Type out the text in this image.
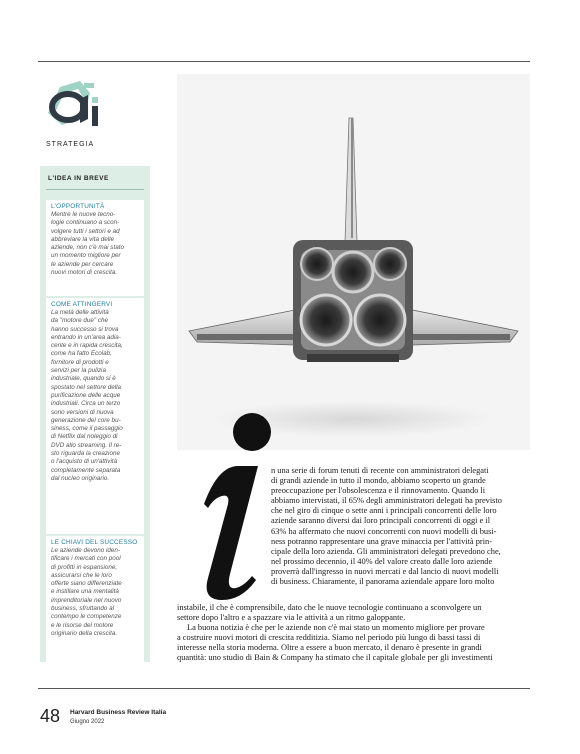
STRATEGIA
L'IDEA IN BREVE

L'OPPORTUNITÀ

Mentre le nuove tecno-
logie continuano a scon-
volgere tutti i settori e ad
abbreviare la vita delle
aziende, non c'è mai stato
un momento migliore per
le aziende per cercare
nuovi motori di crescita.

COME ATTINGERVI

La metà delle attività
da "motore due" che
hanno successo si trova
entrando in un'area adia-
cente e in rapida crescita,
come ha fatto Ecolab,
fornitore di prodotti e
servizi per la pulizia
industriale, quando si è
spostato nel settore della
purificazione delle acque
industriali. Circa un terzo
sono versioni di nuova
generazione del core bu-
siness, come il passaggio
di Netflix dal noleggio di
DVD allo streaming. Il re-
sto riguarda la creazione
o l'acquisto di un'attività
completamente separata
dal nucleo originario.

LE CHIAVI DEL SUCCESSO

Le aziende devono iden-
tificare i mercati con pool
di profitti in espansione,
assicurarsi che le loro
offerte siano differenziate
e instillare una mentalità
imprenditoriale nel nuovo
business, sfruttando al
contempo le competenze
e le risorse del motore
originario della crescita.

n una serie di forum tenuti di recente con amministratori delegati
di grandi aziende in tutto il mondo, abbiamo scoperto un grande
preoccupazione per l'obsolescenza e il rinnovamento. Quando li
abbiamo intervistati, il 65% degli amministratori delegati ha previsto
che nel giro di cinque o sette anni i principali concorrenti delle loro
aziende saranno diversi dai loro principali concorrenti di oggi e il
63% ha affermato che nuovi concorrenti con nuovi modelli di busi-
ness potranno rappresentare una grave minaccia per l'attività prin-
cipale della loro azienda. Gli amministratori delegati prevedono che,
nel prossimo decennio, il 40% del valore creato dalle loro aziende
proverrà dall'ingresso in nuovi mercati e dal lancio di nuovi modelli
di business. Chiaramente, il panorama aziendale appare loro molto
instabile, il che è comprensibile, dato che le nuove tecnologie continuano a sconvolgere un
settore dopo l'altro e a spazzare via le attività a un ritmo galoppante.
La buona notizia è che per le aziende non c'è mai stato un momento migliore per provare
a costruire nuovi motori di crescita redditizia. Siamo nel periodo più lungo di bassi tassi di
interesse nella storia moderna. Oltre a essere a buon mercato, il denaro è presente in grandi
quantità: uno studio di Bain & Company ha stimato che il capitale globale per gli investimenti
48 Harvard Business Review Italia
Giugno 2022
